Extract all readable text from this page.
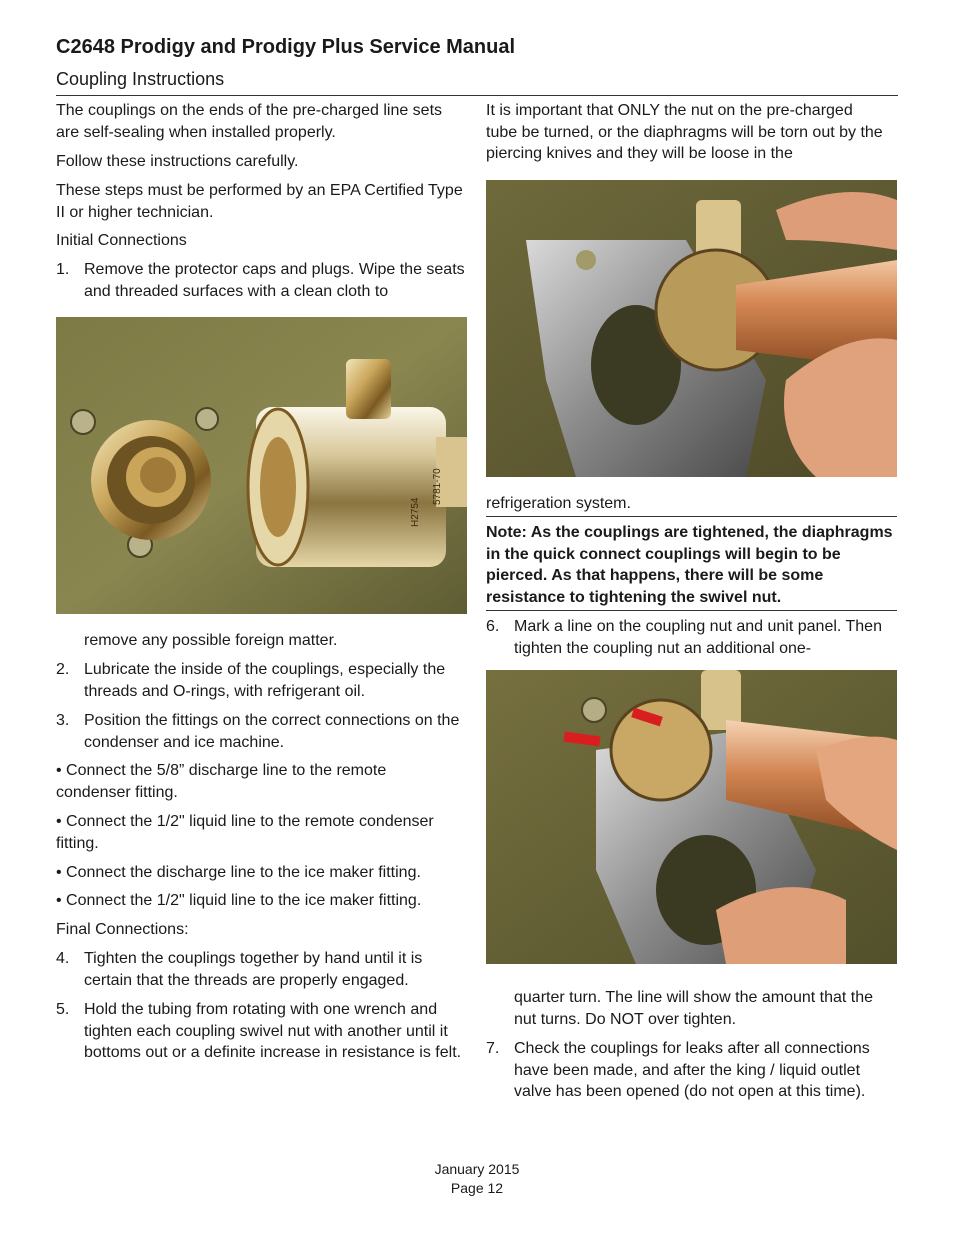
C2648 Prodigy and Prodigy Plus Service Manual
Coupling Instructions

The couplings on the ends of the pre-charged line sets are self-sealing when installed properly.

Follow these instructions carefully.

These steps must be performed by an EPA Certified Type II or higher technician.

Initial Connections

1. Remove the protector caps and plugs. Wipe the seats and threaded surfaces with a clean cloth to
H2754
5781-70
remove any possible foreign matter.
2. Lubricate the inside of the couplings, especially the threads and O-rings, with refrigerant oil.
3. Position the fittings on the correct connections on the condenser and ice machine.

• Connect the 5/8” discharge line to the remote condenser fitting.

• Connect the 1/2" liquid line to the remote condenser fitting.

• Connect the discharge line to the ice maker fitting.

• Connect the 1/2" liquid line to the ice maker fitting.

Final Connections:

4. Tighten the couplings together by hand until it is certain that the threads are properly engaged.
5. Hold the tubing from rotating with one wrench and tighten each coupling swivel nut with another until it bottoms out or a definite increase in resistance is felt.

It is important that ONLY the nut on the pre-charged tube be turned, or the diaphragms will be torn out by the piercing knives and they will be loose in the

refrigeration system.

Note: As the couplings are tightened, the diaphragms in the quick connect couplings will begin to be pierced. As that happens, there will be some resistance to tightening the swivel nut.

6. Mark a line on the coupling nut and unit panel. Then tighten the coupling nut an additional one-
quarter turn. The line will show the amount that the nut turns. Do NOT over tighten.
7. Check the couplings for leaks after all connections have been made, and after the king / liquid outlet valve has been opened (do not open at this time).
January 2015
Page 12
